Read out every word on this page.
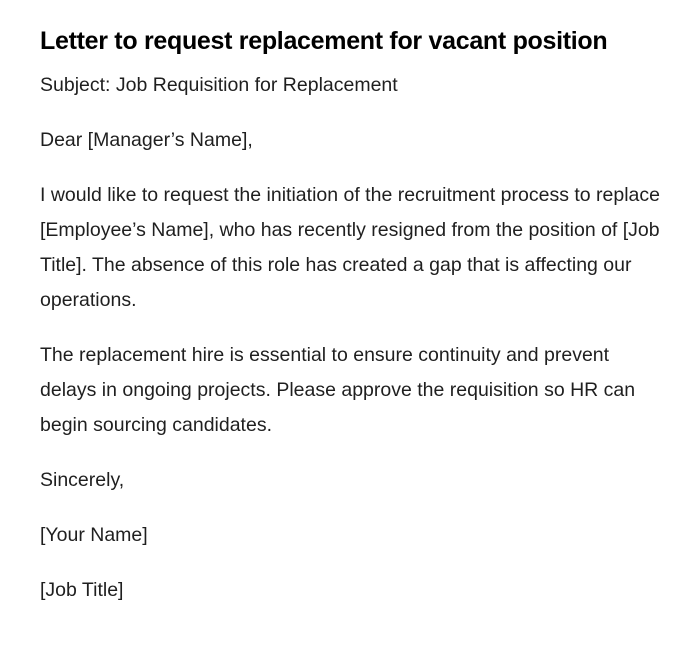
Letter to request replacement for vacant position

Subject: Job Requisition for Replacement

Dear [Manager’s Name],

I would like to request the initiation of the recruitment process to replace [Employee’s Name], who has recently resigned from the position of [Job Title]. The absence of this role has created a gap that is affecting our operations.

The replacement hire is essential to ensure continuity and prevent delays in ongoing projects. Please approve the requisition so HR can begin sourcing candidates.

Sincerely,

[Your Name]

[Job Title]
